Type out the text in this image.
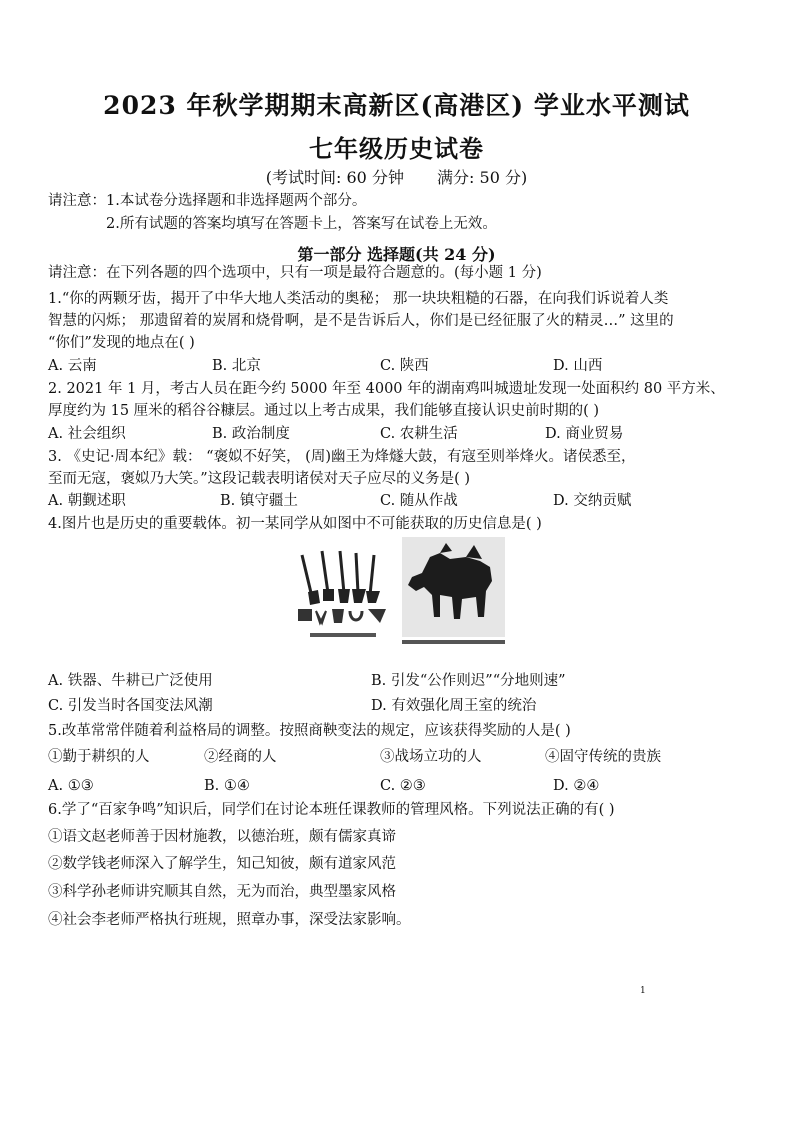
2023 年秋学期期末高新区(高港区) 学业水平测试
七年级历史试卷
(考试时间: 60 分钟 满分: 50 分)
请注意：1.本试卷分选择题和非选择题两个部分。
2.所有试题的答案均填写在答题卡上，答案写在试卷上无效。
第一部分 选择题(共 24 分)
请注意：在下列各题的四个选项中，只有一项是最符合题意的。(每小题 1 分)
1.“你的两颗牙齿，揭开了中华大地人类活动的奥秘； 那一块块粗糙的石器，在向我们诉说着人类
智慧的闪烁； 那遗留着的炭屑和烧骨啊，是不是告诉后人，你们是已经征服了火的精灵…” 这里的
“你们”发现的地点在( )
A. 云南	B. 北京	C. 陕西	D. 山西
2. 2021 年 1 月，考古人员在距今约 5000 年至 4000 年的湖南鸡叫城遗址发现一处面积约 80 平方米、
厚度约为 15 厘米的稻谷谷糠层。通过以上考古成果，我们能够直接认识史前时期的( )
A. 社会组织	B. 政治制度	C. 农耕生活	D. 商业贸易
3. 《史记·周本纪》载： “褒姒不好笑， (周)幽王为烽燧大鼓，有寇至则举烽火。诸侯悉至，
至而无寇，褒姒乃大笑。”这段记载表明诸侯对天子应尽的义务是( )
A. 朝觐述职	B. 镇守疆土	C. 随从作战	D. 交纳贡赋
4.图片也是历史的重要载体。初一某同学从如图中不可能获取的历史信息是( )
A. 铁器、牛耕已广泛使用	B. 引发“公作则迟”“分地则速”
C. 引发当时各国变法风潮	D. 有效强化周王室的统治
5.改革常常伴随着利益格局的调整。按照商鞅变法的规定，应该获得奖励的人是( )
①勤于耕织的人	②经商的人	③战场立功的人	④固守传统的贵族
A. ①③	B. ①④	C. ②③	D. ②④
6.学了“百家争鸣”知识后，同学们在讨论本班任课教师的管理风格。下列说法正确的有( )
①语文赵老师善于因材施教，以德治班，颇有儒家真谛
②数学钱老师深入了解学生，知己知彼，颇有道家风范
③科学孙老师讲究顺其自然，无为而治，典型墨家风格
④社会李老师严格执行班规，照章办事，深受法家影响。
1
